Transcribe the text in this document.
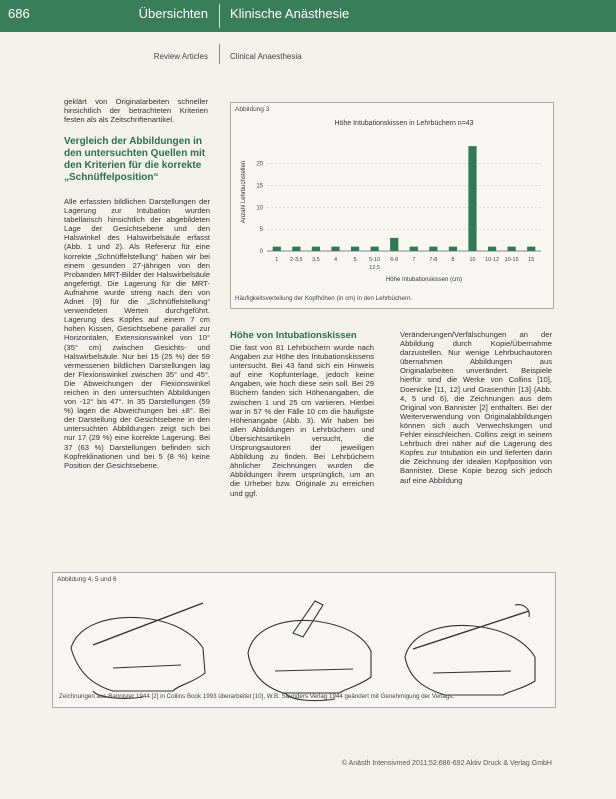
686	Übersichten Klinische Anästhesie
Review Articles	Clinical Anaesthesia
geklärt von Originalarbeiten schneller hinsichtlich der betrachteten Kriterien festen als als Zeitschriftenartikel.
Vergleich der Abbildungen in den untersuchten Quellen mit den Kriterien für die korrekte „Schnüffelposition“
Alle erfassten bildlichen Darstellungen der Lagerung zur Intubation wurden tabellarisch hinsichtlich der abgebildeten Lage der Gesichtsebene und den Halswinkel des Halswirbelsäule erfasst (Abb. 1 und 2). Als Referenz für eine korrekte „Schnüffelstellung“ haben wir bei einem gesunden 27-jährigen von den Probanden MRT-Bilder der Halswirbelsäule angefertigt. Die Lagerung für die MRT-Aufnahme wurde streng nach den von Adnet [9] für die „Schnüffelstellung“ verwendeten Werten durchgeführt. Lagerung des Kopfes auf einem 7 cm hohen Kissen, Gesichtsebene parallel zur Horizontalen, Extensionswinkel von 10° (35° cm) zwischen Gesichts- und Halswirbelsäule. Nur bei 15 (25 %) der 59 vermessenen bildlichen Darstellungen lag der Flexionswinkel zwischen 35° und 45°. Die Abweichungen der Flexionswinkel reichen in den untersuchten Abbildungen von -12° bis 47°. In 35 Darstellungen (59 %) lagen die Abweichungen bei ±8°. Bei der Darstellung der Gesichtsebene in den untersuchten Abbildungen zeigt sich bei nur 17 (29 %) eine korrekte Lagerung. Bei 37 (63 %) Darstellungen befinden sich Kopfreklinationen und bei 5 (8 %) keine Position der Gesichtsebene.
Abbildung 3
Höhe Intubationskissen in Lehrbüchern n=43
0
5
10
15
20
1 2-3,5 3,5	4	5 5-10 6-8	7	7-8	8	10 10-12 10-15 15
12,5
Höhe Intubationskissen (cm)
Anzahl Lehrbuchstellen
Häufigkeitsverteilung der Kopfhöhen (in cm) in den Lehrbüchern.
Höhe von Intubationskissen
Die fast von 81 Lehrbüchern wurde nach Angaben zur Höhe des Intubationskissens untersucht. Bei 43 fand sich ein Hinweis auf eine Kopfunterlage, jedoch keine Angaben, wie hoch diese sein soll. Bei 29 Büchern fanden sich Höhenangaben, die zwischen 1 und 25 cm variieren. Hierbei war in 57 % der Fälle 10 cm die häufigste Höhenangabe (Abb. 3). Wir haben bei allen Abbildungen in Lehrbüchern und Übersichtsartikeln versucht, die Ursprungsautoren der jeweiligen Abbildung zu finden. Bei Lehrbüchern ähnlicher Zeichnungen wurden die Abbildungen ihrem ursprünglich, um an die Urheber bzw. Originale zu erreichen und ggf.
Veränderungen/Verfälschungen an der Abbildung durch Kopie/Übernahme darzustellen. Nur wenige Lehrbuchautoren übernahmen Abbildungen aus Originalarbeiten unverändert. Beispiele hierfür sind die Werke von Collins [10], Doenicke [11, 12] und Grasenthin [13] (Abb. 4, 5 und 6), die Zeichnungen aus dem Original von Bannister [2] enthalten. Bei der Weiterverwendung von Originalabbildungen können sich auch Verwechslungen und Fehler einschleichen. Collins zeigt in seinem Lehrbuch drei näher auf die Lagerung des Kopfes zur Intubation ein und lieferten darin die Zeichnung der idealen Kopfposition von Bannister. Diese Kopie bezog sich jedoch auf eine Abbildung
Abbildung 4, 5 und 6
Zeichnungen aus Bannister 1944 [2] in Collins Book 1993 überarbeitet [10], W.B. Saunders Verlag 1944 geändert mit Genehmigung der Verlags.
© Anästh Intensivmed 2011;52:686-692 Aktiv Druck & Verlag GmbH
